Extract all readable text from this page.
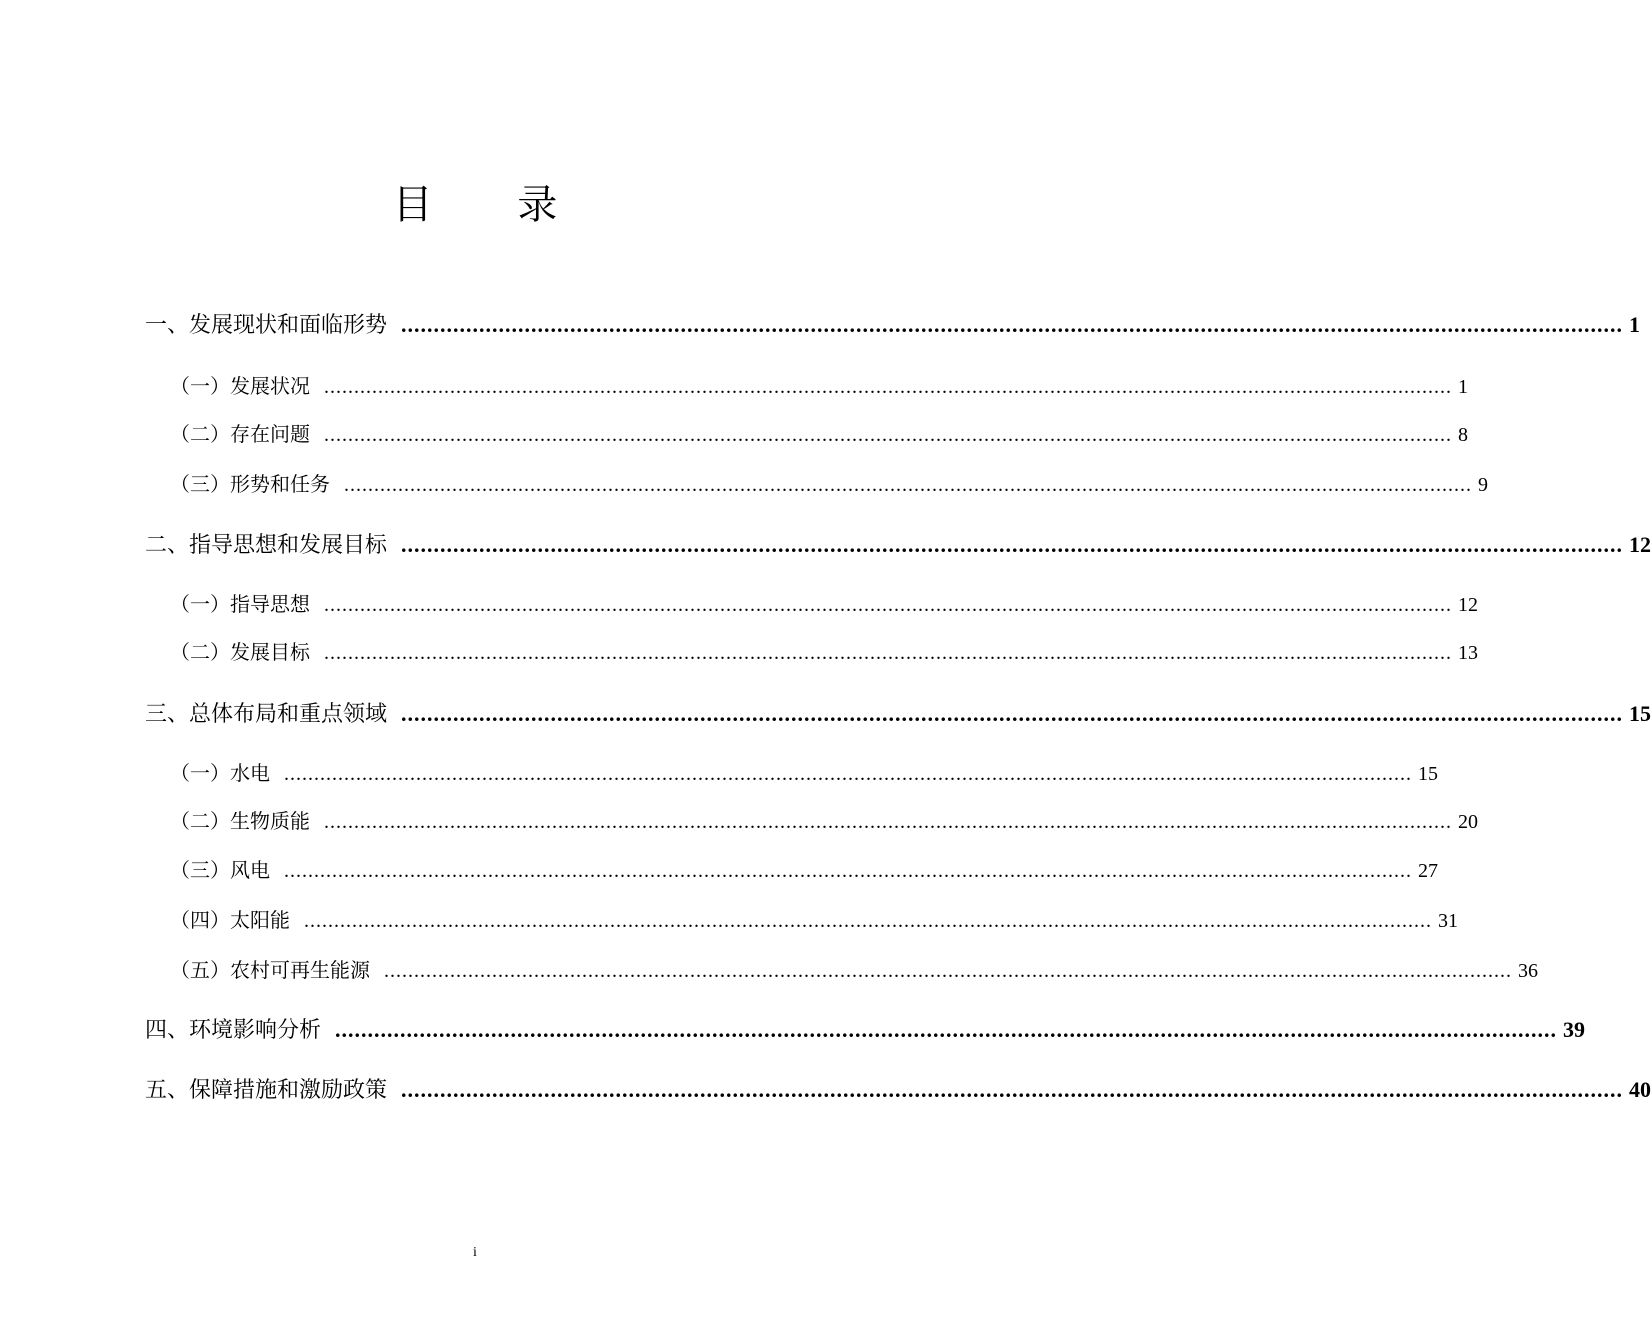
目 录
一、发展现状和面临形势 ............................................................................................................................................................................................ 1
（一）发展状况 ............................................................................................................................................................................................ 1
（二）存在问题 ............................................................................................................................................................................................ 8
（三）形势和任务 ............................................................................................................................................................................................ 9
二、指导思想和发展目标 ............................................................................................................................................................................................ 12
（一）指导思想 ............................................................................................................................................................................................ 12
（二）发展目标 ............................................................................................................................................................................................ 13
三、总体布局和重点领域 ............................................................................................................................................................................................ 15
（一）水电 ............................................................................................................................................................................................ 15
（二）生物质能 ............................................................................................................................................................................................ 20
（三）风电 ............................................................................................................................................................................................ 27
（四）太阳能 ............................................................................................................................................................................................ 31
（五）农村可再生能源 ............................................................................................................................................................................................ 36
四、环境影响分析 ............................................................................................................................................................................................ 39
五、保障措施和激励政策 ............................................................................................................................................................................................ 40
i
